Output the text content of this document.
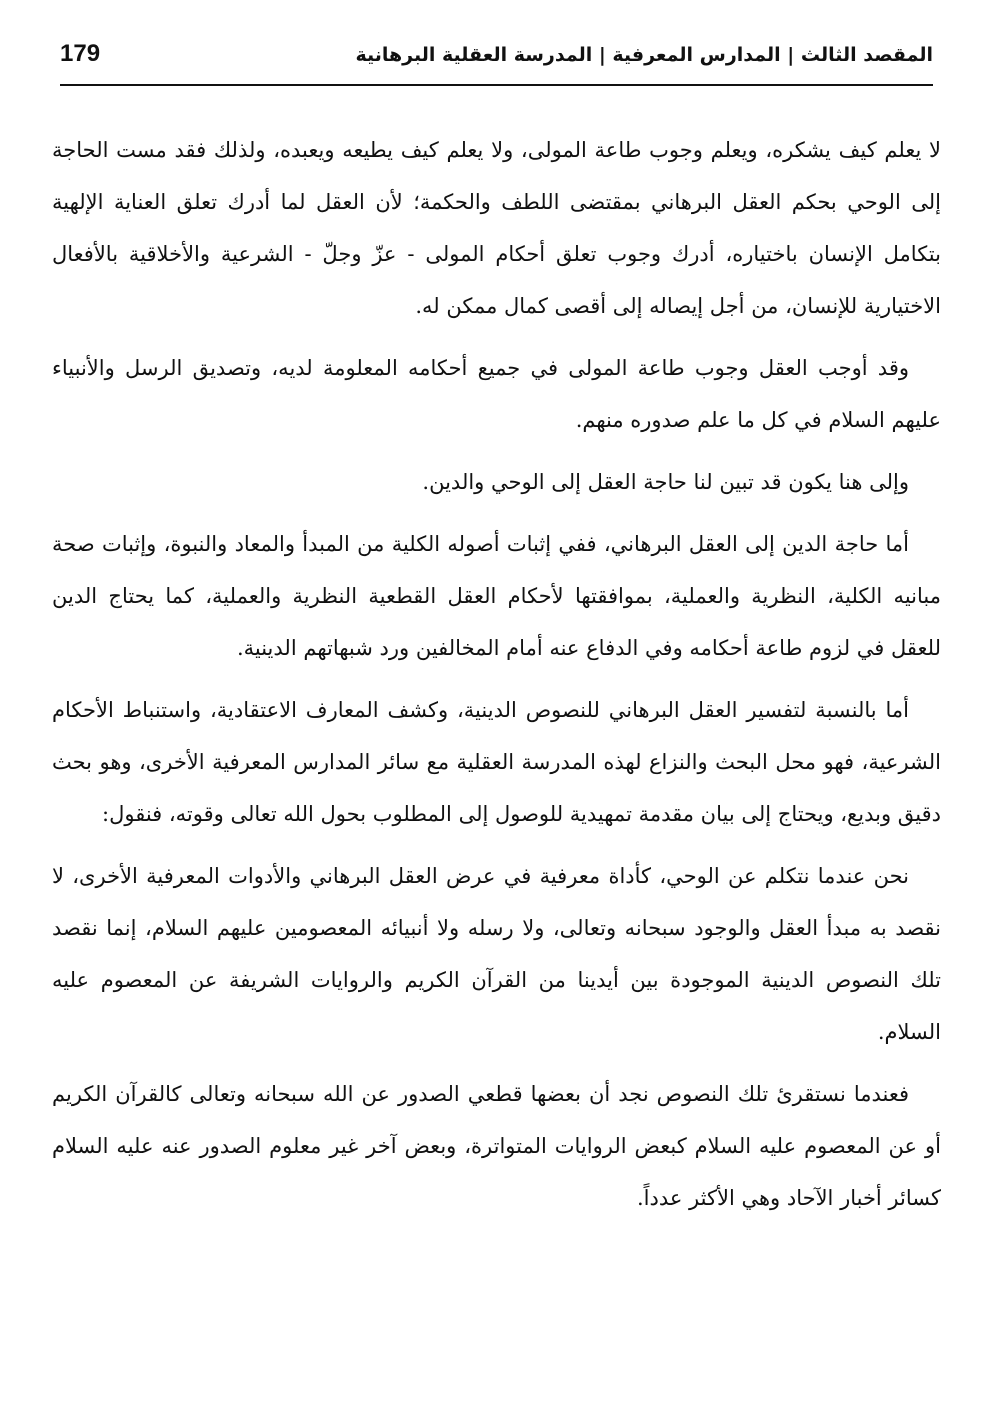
المقصد الثالث | المدارس المعرفية | المدرسة العقلية البرهانية
179

لا يعلم كيف يشكره، ويعلم وجوب طاعة المولى، ولا يعلم كيف يطيعه ويعبده، ولذلك فقد مست الحاجة إلى الوحي بحكم العقل البرهاني بمقتضى اللطف والحكمة؛ لأن العقل لما أدرك تعلق العناية الإلهية بتكامل الإنسان باختياره، أدرك وجوب تعلق أحكام المولى - عزّ وجلّ - الشرعية والأخلاقية بالأفعال الاختيارية للإنسان، من أجل إيصاله إلى أقصى كمال ممكن له.

وقد أوجب العقل وجوب طاعة المولى في جميع أحكامه المعلومة لديه، وتصديق الرسل والأنبياء عليهم السلام في كل ما علم صدوره منهم.

وإلى هنا يكون قد تبين لنا حاجة العقل إلى الوحي والدين.

أما حاجة الدين إلى العقل البرهاني، ففي إثبات أصوله الكلية من المبدأ والمعاد والنبوة، وإثبات صحة مبانيه الكلية، النظرية والعملية، بموافقتها لأحكام العقل القطعية النظرية والعملية، كما يحتاج الدين للعقل في لزوم طاعة أحكامه وفي الدفاع عنه أمام المخالفين ورد شبهاتهم الدينية.

أما بالنسبة لتفسير العقل البرهاني للنصوص الدينية، وكشف المعارف الاعتقادية، واستنباط الأحكام الشرعية، فهو محل البحث والنزاع لهذه المدرسة العقلية مع سائر المدارس المعرفية الأخرى، وهو بحث دقيق وبديع، ويحتاج إلى بيان مقدمة تمهيدية للوصول إلى المطلوب بحول الله تعالى وقوته، فنقول:

نحن عندما نتكلم عن الوحي، كأداة معرفية في عرض العقل البرهاني والأدوات المعرفية الأخرى، لا نقصد به مبدأ العقل والوجود سبحانه وتعالى، ولا رسله ولا أنبيائه المعصومين عليهم السلام، إنما نقصد تلك النصوص الدينية الموجودة بين أيدينا من القرآن الكريم والروايات الشريفة عن المعصوم عليه السلام.

فعندما نستقرئ تلك النصوص نجد أن بعضها قطعي الصدور عن الله سبحانه وتعالى كالقرآن الكريم أو عن المعصوم عليه السلام كبعض الروايات المتواترة، وبعض آخر غير معلوم الصدور عنه عليه السلام كسائر أخبار الآحاد وهي الأكثر عدداً.
